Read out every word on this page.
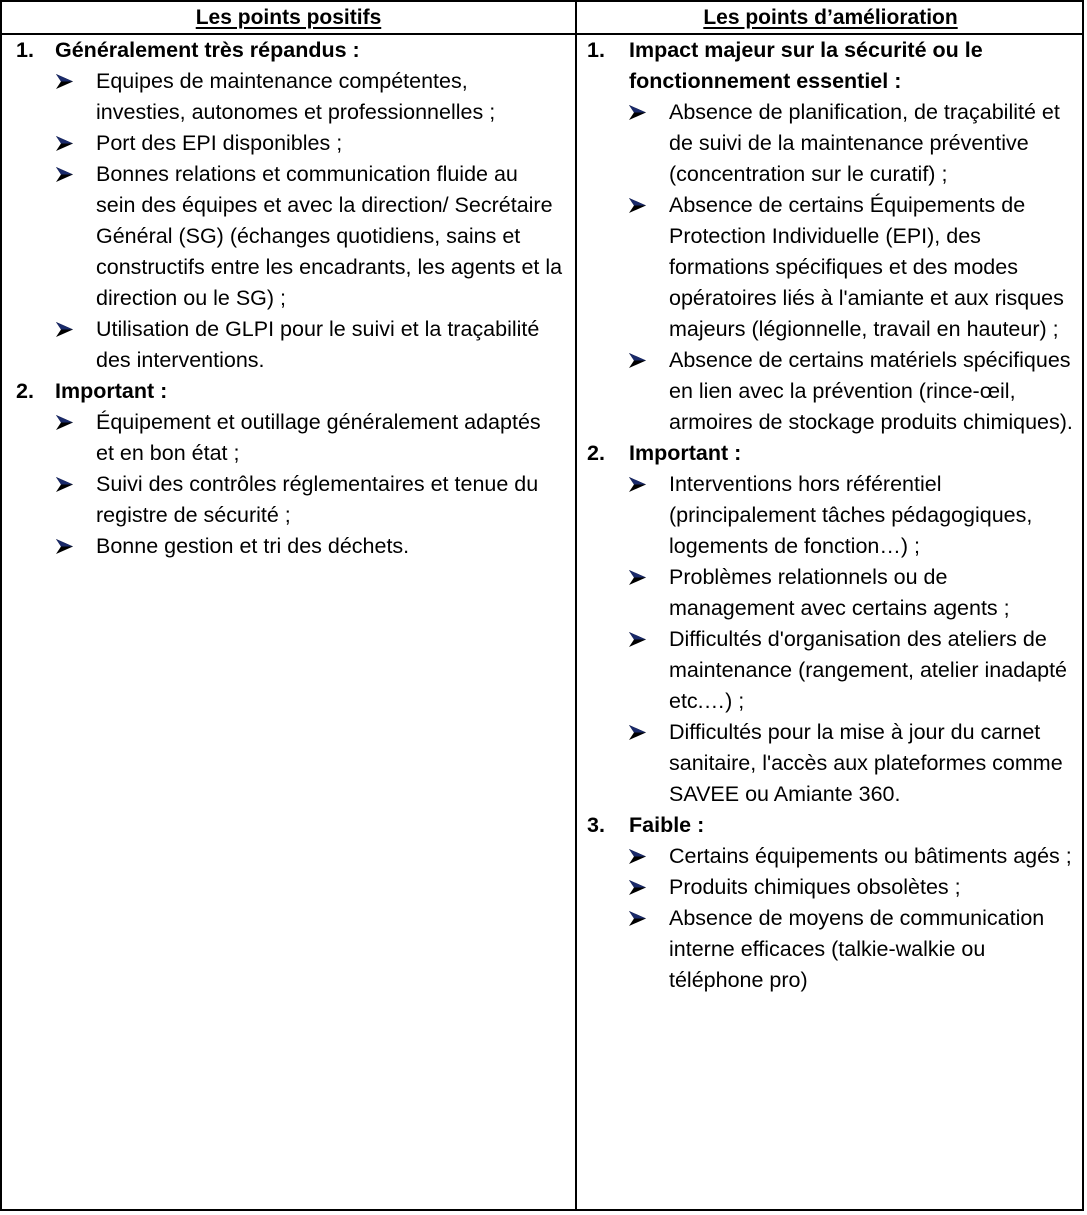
Les points positifs	Les points d’amélioration
1. Généralement très répandus :
Equipes de maintenance compétentes, investies, autonomes et professionnelles ;
Port des EPI disponibles ;
Bonnes relations et communication fluide au sein des équipes et avec la direction/ Secrétaire Général (SG) (échanges quotidiens, sains et constructifs entre les encadrants, les agents et la direction ou le SG) ;
Utilisation de GLPI pour le suivi et la traçabilité des interventions.
2. Important :
Équipement et outillage généralement adaptés et en bon état ;
Suivi des contrôles réglementaires et tenue du registre de sécurité ;
Bonne gestion et tri des déchets.
1. Impact majeur sur la sécurité ou le fonctionnement essentiel :
Absence de planification, de traçabilité et de suivi de la maintenance préventive (concentration sur le curatif) ;
Absence de certains Équipements de Protection Individuelle (EPI), des formations spécifiques et des modes opératoires liés à l'amiante et aux risques majeurs (légionnelle, travail en hauteur) ;
Absence de certains matériels spécifiques en lien avec la prévention (rince-œil, armoires de stockage produits chimiques).
2. Important :
Interventions hors référentiel (principalement tâches pédagogiques, logements de fonction…) ;
Problèmes relationnels ou de management avec certains agents ;
Difficultés d'organisation des ateliers de maintenance (rangement, atelier inadapté etc.…) ;
Difficultés pour la mise à jour du carnet sanitaire, l'accès aux plateformes comme SAVEE ou Amiante 360.
3. Faible :
Certains équipements ou bâtiments agés ;
Produits chimiques obsolètes ;
Absence de moyens de communication interne efficaces (talkie-walkie ou téléphone pro)
